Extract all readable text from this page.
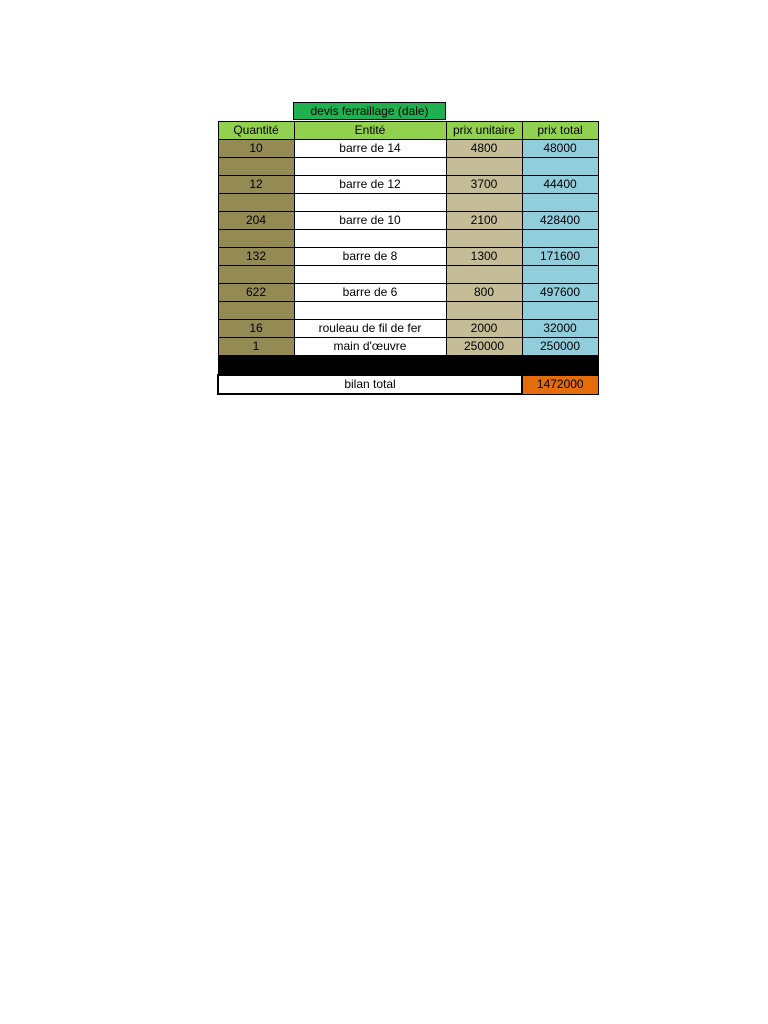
devis ferraillage (dale)
Quantité	Entité	prix unitaire	prix total
10	barre de 14	4800	48000

12	barre de 12	3700	44400

204	barre de 10	2100	428400

132	barre de 8	1300	171600

622	barre de 6	800	497600

16	rouleau de fil de fer	2000	32000
1	main d'œuvre	250000	250000

bilan total			1472000
